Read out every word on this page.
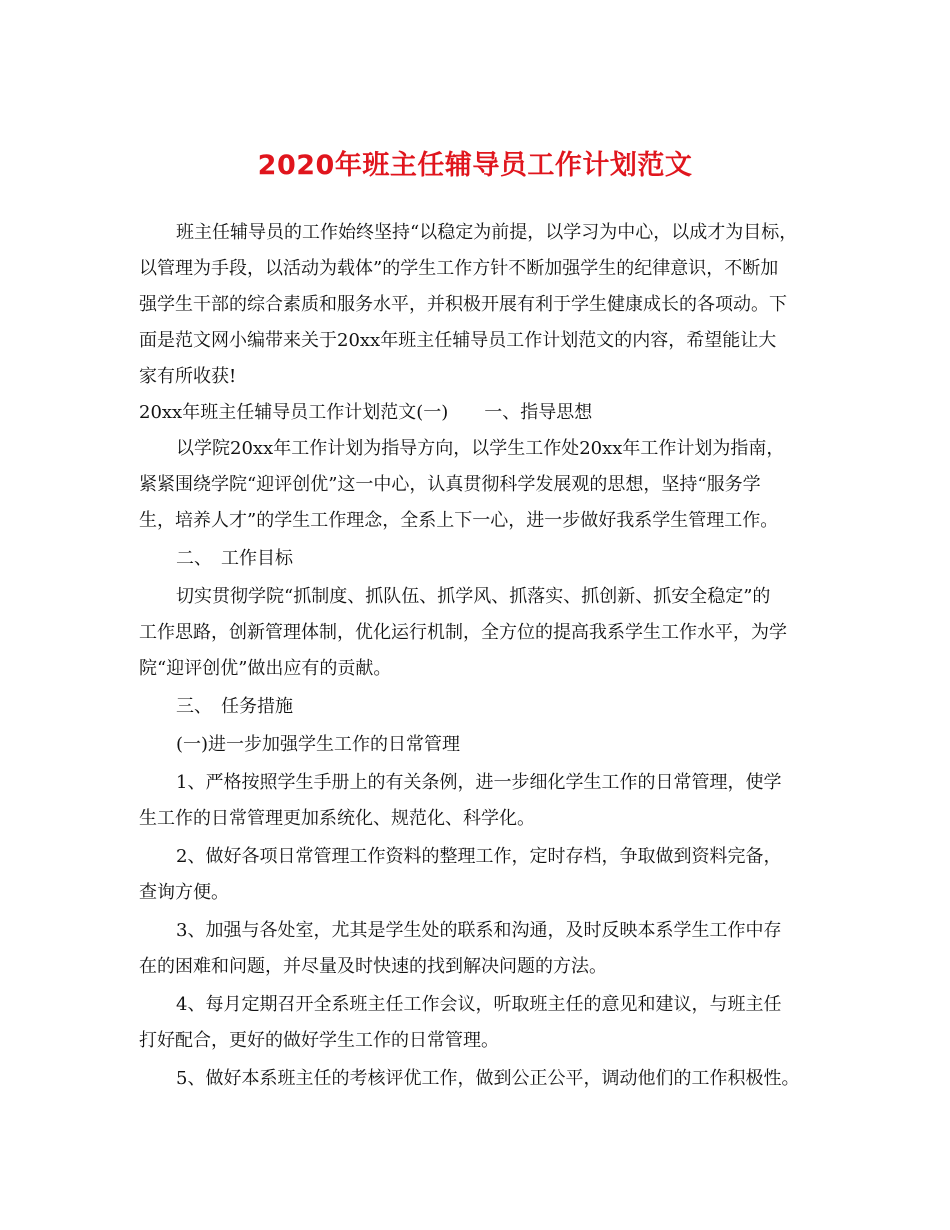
2020年班主任辅导员工作计划范文
班主任辅导员的工作始终坚持“以稳定为前提，以学习为中心，以成才为目标，
以管理为手段，以活动为载体”的学生工作方针不断加强学生的纪律意识，不断加
强学生干部的综合素质和服务水平，并积极开展有利于学生健康成长的各项动。下
面是范文网小编带来关于20xx年班主任辅导员工作计划范文的内容，希望能让大
家有所收获!
20xx年班主任辅导员工作计划范文(一)　　一、指导思想
以学院20xx年工作计划为指导方向，以学生工作处20xx年工作计划为指南，
紧紧围绕学院“迎评创优”这一中心，认真贯彻科学发展观的思想，坚持“服务学
生，培养人才”的学生工作理念，全系上下一心，进一步做好我系学生管理工作。
二、　工作目标
切实贯彻学院“抓制度、抓队伍、抓学风、抓落实、抓创新、抓安全稳定”的
工作思路，创新管理体制，优化运行机制，全方位的提高我系学生工作水平，为学
院“迎评创优”做出应有的贡献。
三、　任务措施
(一)进一步加强学生工作的日常管理
1、严格按照学生手册上的有关条例，进一步细化学生工作的日常管理，使学
生工作的日常管理更加系统化、规范化、科学化。
2、做好各项日常管理工作资料的整理工作，定时存档，争取做到资料完备，
查询方便。
3、加强与各处室，尤其是学生处的联系和沟通，及时反映本系学生工作中存
在的困难和问题，并尽量及时快速的找到解决问题的方法。
4、每月定期召开全系班主任工作会议，听取班主任的意见和建议，与班主任
打好配合，更好的做好学生工作的日常管理。
5、做好本系班主任的考核评优工作，做到公正公平，调动他们的工作积极性。
